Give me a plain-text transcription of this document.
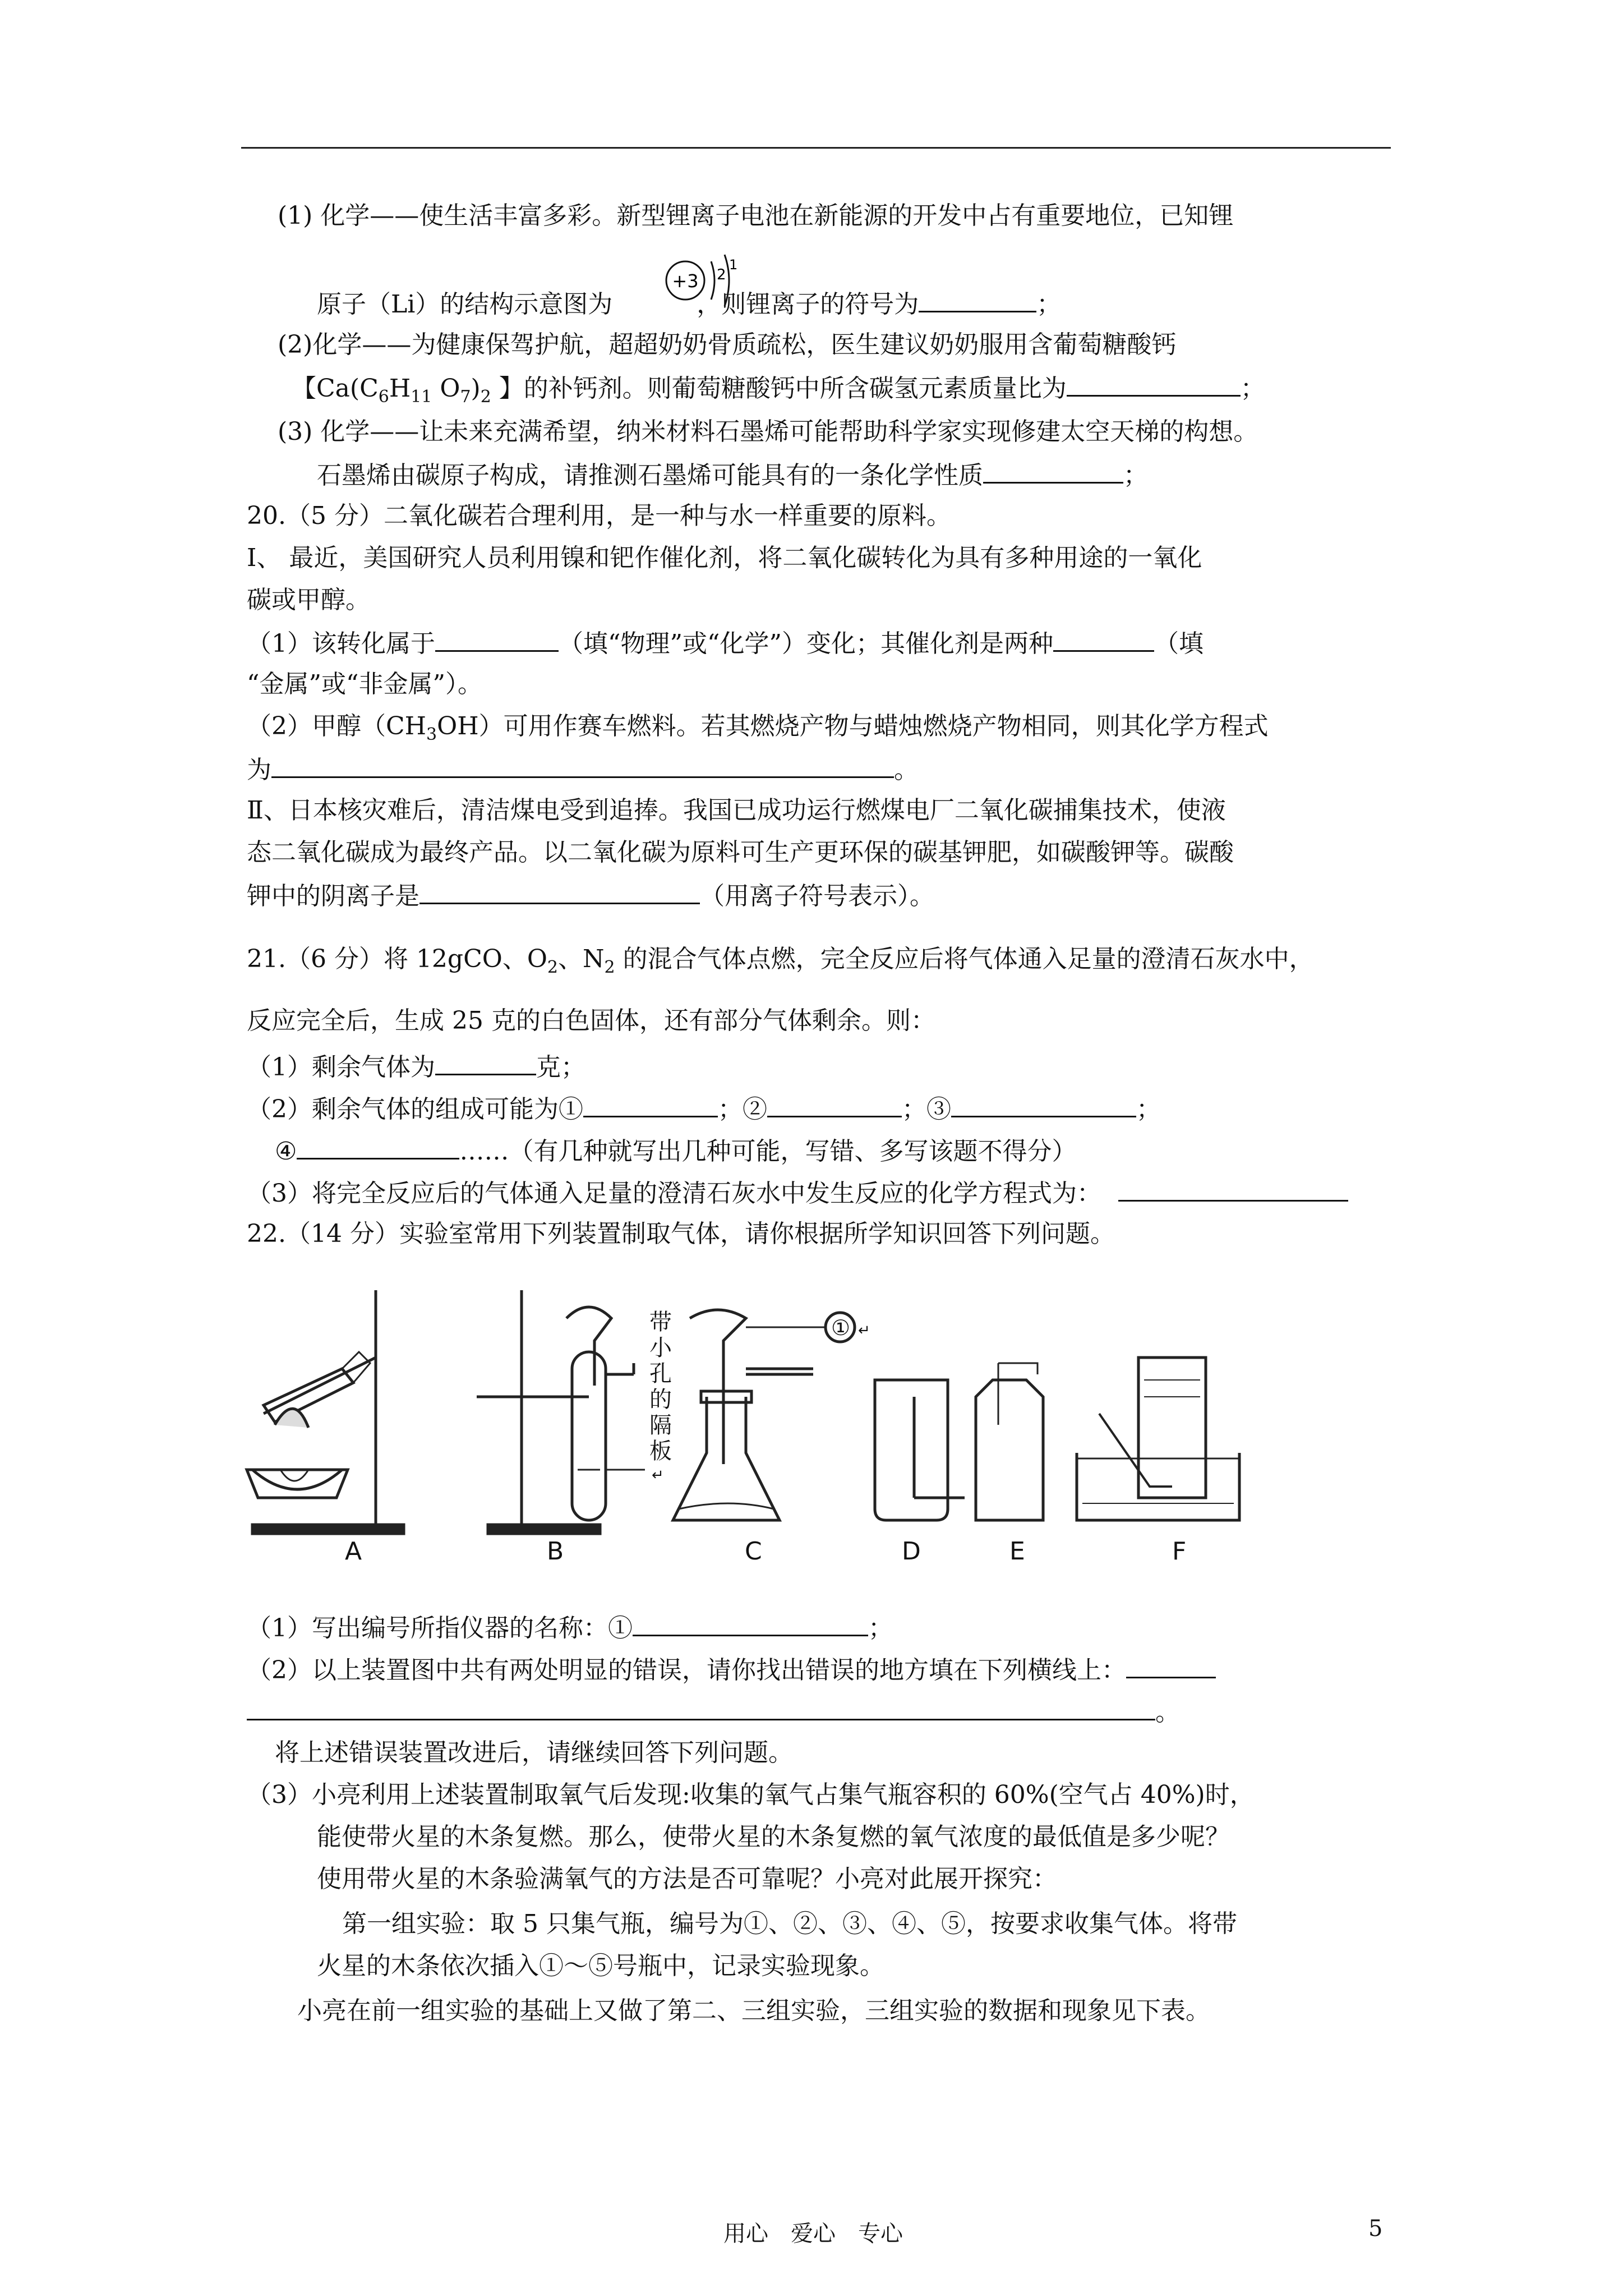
(1) 化学——使生活丰富多彩。新型锂离子电池在新能源的开发中占有重要地位，已知锂
原子（Li）的结构示意图为	，则锂离子的符号为	；
+3 2
1
(2)化学——为健康保驾护航，超超奶奶骨质疏松，医生建议奶奶服用含葡萄糖酸钙
【$Ca(C_6H_{11}$ $O_7)_2$ 】的补钙剂。则葡萄糖酸钙中所含碳氢元素质量比为	；
(3) 化学——让未来充满希望，纳米材料石墨烯可能帮助科学家实现修建太空天梯的构想。
石墨烯由碳原子构成，请推测石墨烯可能具有的一条化学性质	；
20.（5 分）二氧化碳若合理利用，是一种与水一样重要的原料。
Ⅰ、 最近，美国研究人员利用镍和钯作催化剂，将二氧化碳转化为具有多种用途的一氧化
碳或甲醇。
（1）该转化属于	（填“物理”或“化学”）变化；其催化剂是两种	（填
“金属”或“非金属”）。
（2）甲醇$(CH_3OH)$可用作赛车燃料。若其燃烧产物与蜡烛燃烧产物相同，则其化学方程式
为	。
Ⅱ、日本核灾难后，清洁煤电受到追捧。我国已成功运行燃煤电厂二氧化碳捕集技术，使液
态二氧化碳成为最终产品。以二氧化碳为原料可生产更环保的碳基钾肥，如碳酸钾等。碳酸
钾中的阴离子是	（用离子符号表示）。
21.（6 分）将 12gCO、$O_2$、$N_2$ 的混合气体点燃，完全反应后将气体通入足量的澄清石灰水中，
反应完全后，生成 25 克的白色固体，还有部分气体剩余。则：
（1）剩余气体为	克；
（2）剩余气体的组成可能为①	；②	；③	；
④	……（有几种就写出几种可能，写错、多写该题不得分）
（3）将完全反应后的气体通入足量的澄清石灰水中发生反应的化学方程式为：
22.（14 分）实验室常用下列装置制取气体，请你根据所学知识回答下列问题。
带
小
孔
的
隔
板
↵
① ↵
A	B	C	D	E	F
（1）写出编号所指仪器的名称：①	；
（2）以上装置图中共有两处明显的错误，请你找出错误的地方填在下列横线上：
。
将上述错误装置改进后，请继续回答下列问题。
（3）小亮利用上述装置制取氧气后发现:收集的氧气占集气瓶容积的 60%(空气占 40%)时，
能使带火星的木条复燃。那么，使带火星的木条复燃的氧气浓度的最低值是多少呢？
使用带火星的木条验满氧气的方法是否可靠呢？小亮对此展开探究：
第一组实验：取 5 只集气瓶，编号为①、②、③、④、⑤，按要求收集气体。将带
火星的木条依次插入①～⑤号瓶中，记录实验现象。
小亮在前一组实验的基础上又做了第二、三组实验，三组实验的数据和现象见下表。
用心　爱心　专心	5
